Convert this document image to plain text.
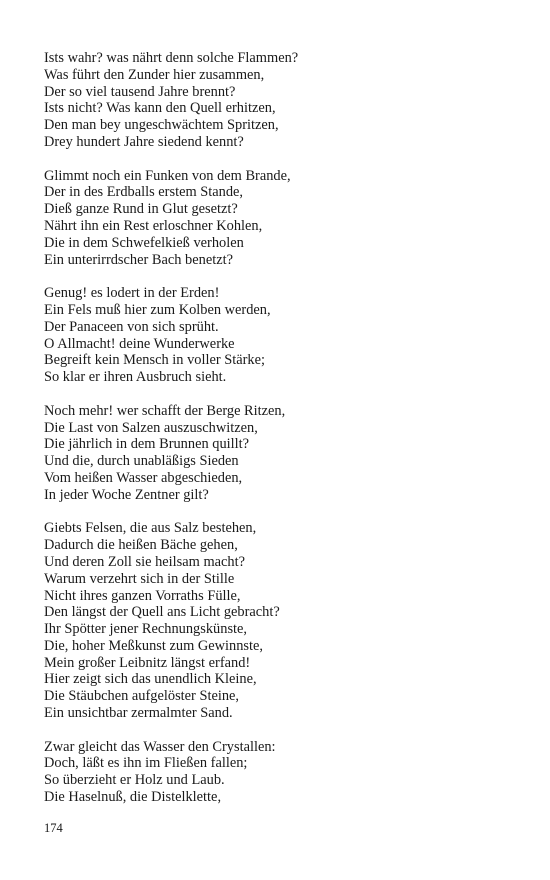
Ists wahr? was nährt denn solche Flammen?
Was führt den Zunder hier zusammen,
Der so viel tausend Jahre brennt?
Ists nicht? Was kann den Quell erhitzen,
Den man bey ungeschwächtem Spritzen,
Drey hundert Jahre siedend kennt?
Glimmt noch ein Funken von dem Brande,
Der in des Erdballs erstem Stande,
Dieß ganze Rund in Glut gesetzt?
Nährt ihn ein Rest erloschner Kohlen,
Die in dem Schwefelkieß verholen
Ein unterirrdscher Bach benetzt?
Genug! es lodert in der Erden!
Ein Fels muß hier zum Kolben werden,
Der Panaceen von sich sprüht.
O Allmacht! deine Wunderwerke
Begreift kein Mensch in voller Stärke;
So klar er ihren Ausbruch sieht.
Noch mehr! wer schafft der Berge Ritzen,
Die Last von Salzen auszuschwitzen,
Die jährlich in dem Brunnen quillt?
Und die, durch unabläßigs Sieden
Vom heißen Wasser abgeschieden,
In jeder Woche Zentner gilt?
Giebts Felsen, die aus Salz bestehen,
Dadurch die heißen Bäche gehen,
Und deren Zoll sie heilsam macht?
Warum verzehrt sich in der Stille
Nicht ihres ganzen Vorraths Fülle,
Den längst der Quell ans Licht gebracht?
Ihr Spötter jener Rechnungskünste,
Die, hoher Meßkunst zum Gewinnste,
Mein großer Leibnitz längst erfand!
Hier zeigt sich das unendlich Kleine,
Die Stäubchen aufgelöster Steine,
Ein unsichtbar zermalmter Sand.
Zwar gleicht das Wasser den Crystallen:
Doch, läßt es ihn im Fließen fallen;
So überzieht er Holz und Laub.
Die Haselnuß, die Distelklette,
174
